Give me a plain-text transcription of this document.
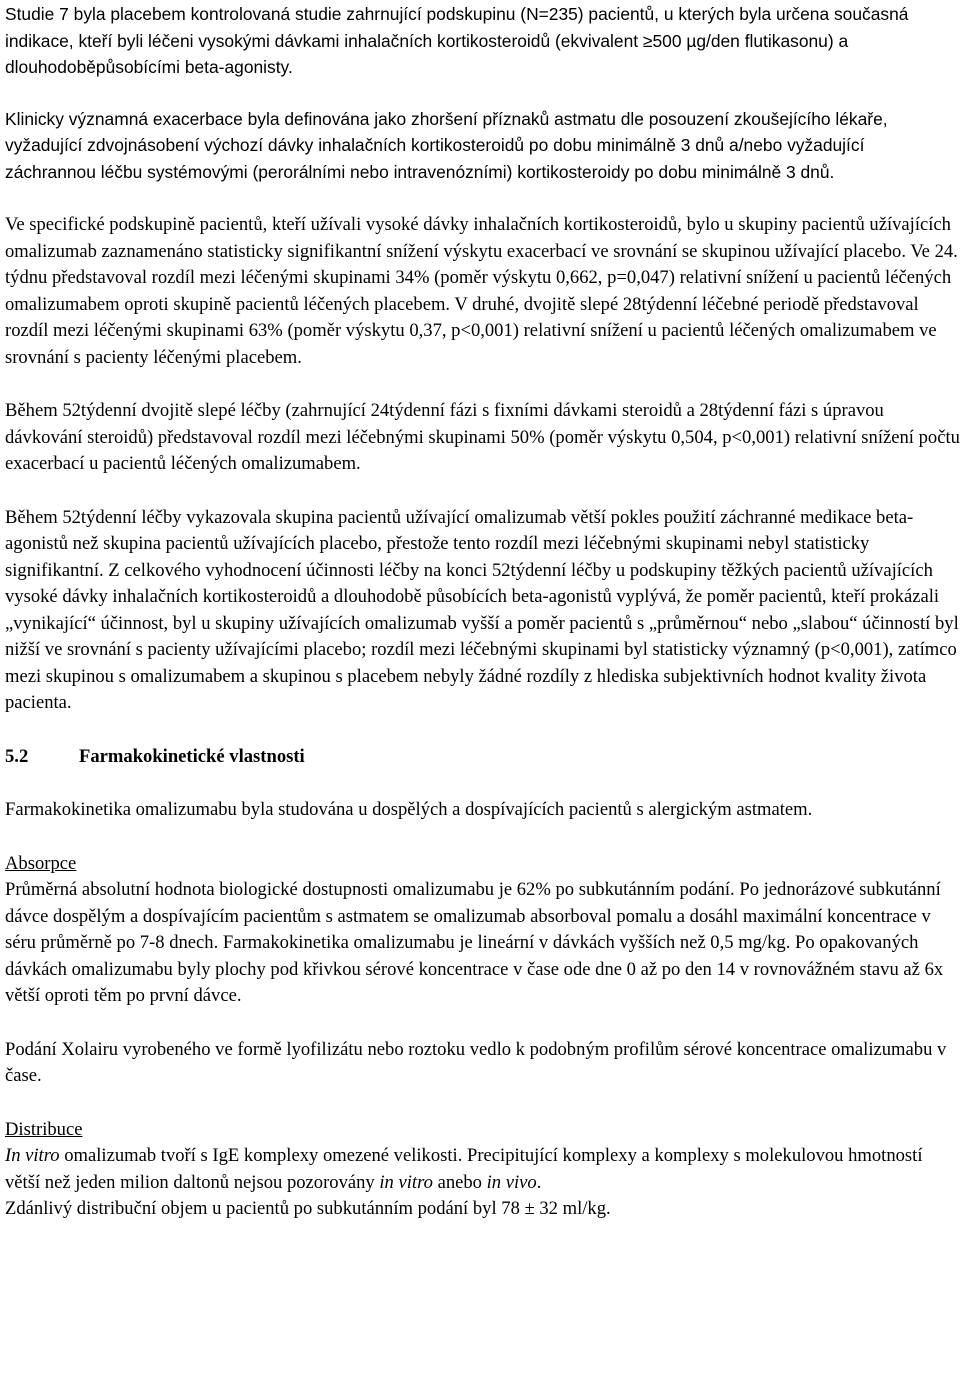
Studie 7 byla placebem kontrolovaná studie zahrnující podskupinu (N=235) pacientů, u kterých byla určena současná indikace, kteří byli léčeni vysokými dávkami inhalačních kortikosteroidů (ekvivalent ≥500 µg/den flutikasonu) a dlouhodoběpůsobícími beta-agonisty.

Klinicky významná exacerbace byla definována jako zhoršení příznaků astmatu dle posouzení zkoušejícího lékaře, vyžadující zdvojnásobení výchozí dávky inhalačních kortikosteroidů po dobu minimálně 3 dnů a/nebo vyžadující záchrannou léčbu systémovými (perorálními nebo intravenózními) kortikosteroidy po dobu minimálně 3 dnů.

Ve specifické podskupině pacientů, kteří užívali vysoké dávky inhalačních kortikosteroidů, bylo u skupiny pacientů užívajících omalizumab zaznamenáno statisticky signifikantní snížení výskytu exacerbací ve srovnání se skupinou užívající placebo. Ve 24. týdnu představoval rozdíl mezi léčenými skupinami 34% (poměr výskytu 0,662, p=0,047) relativní snížení u pacientů léčených omalizumabem oproti skupině pacientů léčených placebem. V druhé, dvojitě slepé 28týdenní léčebné periodě představoval rozdíl mezi léčenými skupinami 63% (poměr výskytu 0,37, p<0,001) relativní snížení u pacientů léčených omalizumabem ve srovnání s pacienty léčenými placebem.

Během 52týdenní dvojitě slepé léčby (zahrnující 24týdenní fázi s fixními dávkami steroidů a 28týdenní fázi s úpravou dávkování steroidů) představoval rozdíl mezi léčebnými skupinami 50% (poměr výskytu 0,504, p<0,001) relativní snížení počtu exacerbací u pacientů léčených omalizumabem.

Během 52týdenní léčby vykazovala skupina pacientů užívající omalizumab větší pokles použití záchranné medikace beta-agonistů než skupina pacientů užívajících placebo, přestože tento rozdíl mezi léčebnými skupinami nebyl statisticky signifikantní. Z celkového vyhodnocení účinnosti léčby na konci 52týdenní léčby u podskupiny těžkých pacientů užívajících vysoké dávky inhalačních kortikosteroidů a dlouhodobě působících beta-agonistů vyplývá, že poměr pacientů, kteří prokázali „vynikající“ účinnost, byl u skupiny užívajících omalizumab vyšší a poměr pacientů s „průměrnou“ nebo „slabou“ účinností byl nižší ve srovnání s pacienty užívajícími placebo; rozdíl mezi léčebnými skupinami byl statisticky významný (p<0,001), zatímco mezi skupinou s omalizumabem a skupinou s placebem nebyly žádné rozdíly z hlediska subjektivních hodnot kvality života pacienta.

5.2	Farmakokinetické vlastnosti

Farmakokinetika omalizumabu byla studována u dospělých a dospívajících pacientů s alergickým astmatem.

Absorpce

Průměrná absolutní hodnota biologické dostupnosti omalizumabu je 62% po subkutánním podání. Po jednorázové subkutánní dávce dospělým a dospívajícím pacientům s astmatem se omalizumab absorboval pomalu a dosáhl maximální koncentrace v séru průměrně po 7-8 dnech. Farmakokinetika omalizumabu je lineární v dávkách vyšších než 0,5 mg/kg. Po opakovaných dávkách omalizumabu byly plochy pod křivkou sérové koncentrace v čase ode dne 0 až po den 14 v rovnovážném stavu až 6x větší oproti těm po první dávce.

Podání Xolairu vyrobeného ve formě lyofilizátu nebo roztoku vedlo k podobným profilům sérové koncentrace omalizumabu v čase.

Distribuce

In vitro omalizumab tvoří s IgE komplexy omezené velikosti. Precipitující komplexy a komplexy s molekulovou hmotností větší než jeden milion daltonů nejsou pozorovány in vitro anebo in vivo.
Zdánlivý distribuční objem u pacientů po subkutánním podání byl 78 ± 32 ml/kg.
